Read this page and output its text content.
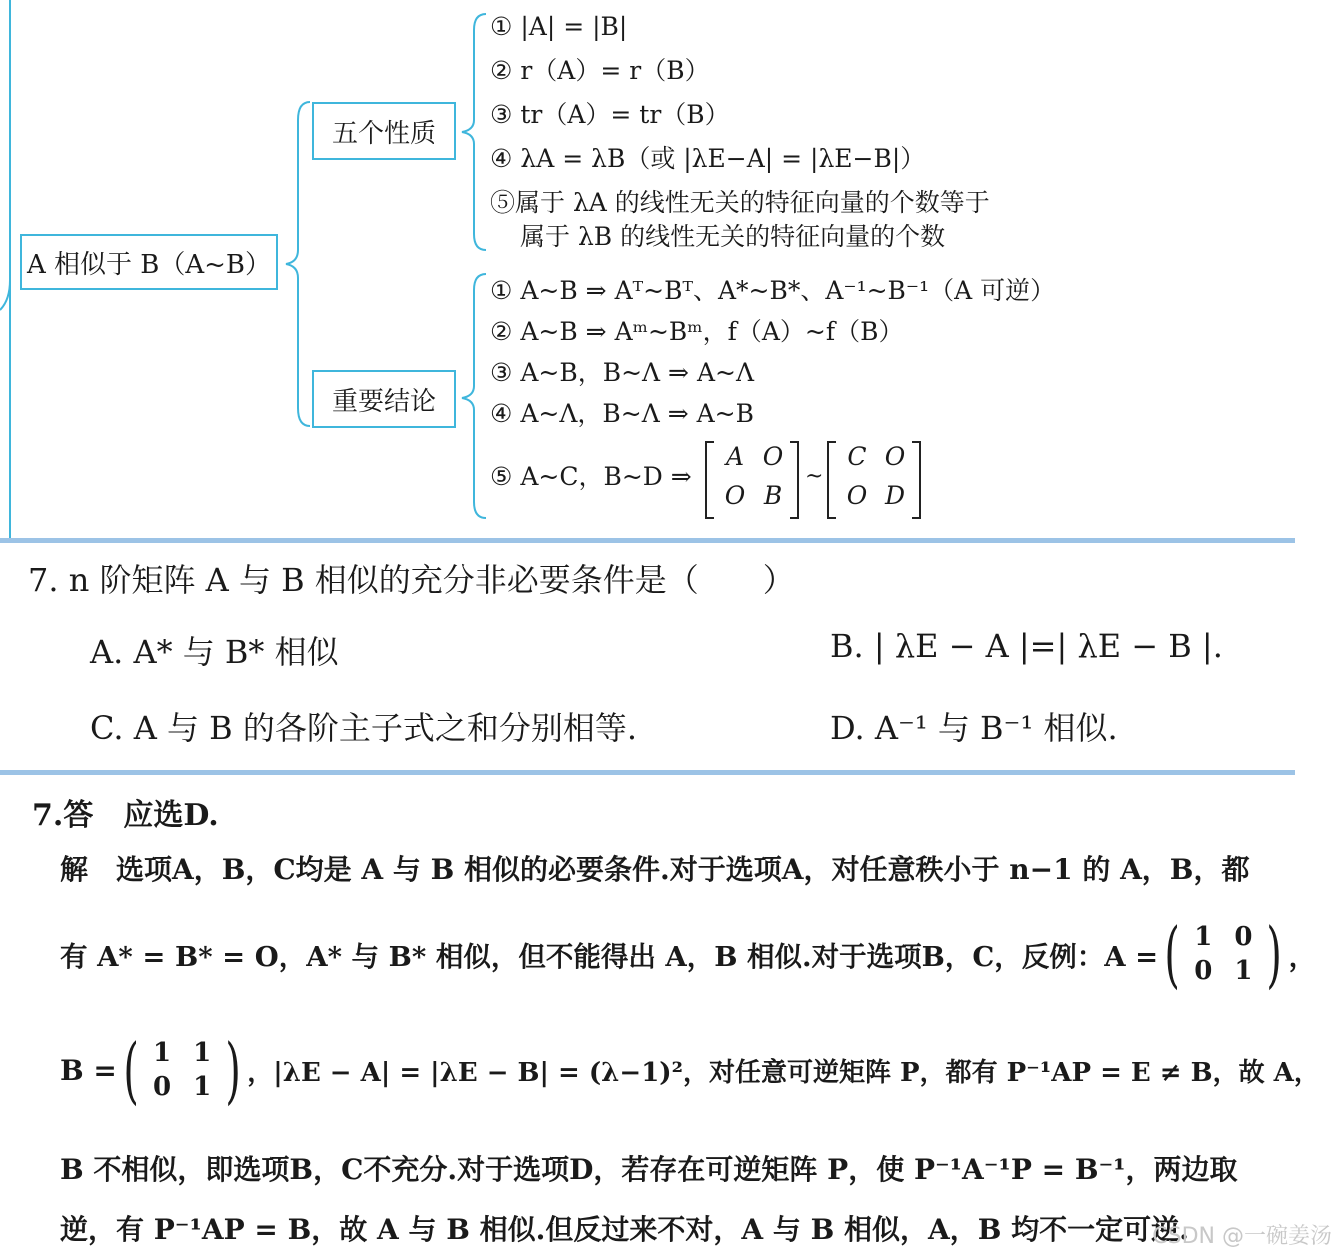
A 相似于 B（A~B）
五个性质
重要结论
① |A| = |B|
② r（A）= r（B）
③ tr（A）= tr（B）
④ λA = λB（或 |λE−A| = |λE−B|）
⑤属于 λA 的线性无关的特征向量的个数等于
属于 λB 的线性无关的特征向量的个数
① A~B ⇒ Aᵀ~Bᵀ、A*~B*、A⁻¹~B⁻¹（A 可逆）
② A~B ⇒ Aᵐ~Bᵐ，f（A）~f（B）
③ A~B，B~Λ ⇒ A~Λ
④ A~Λ，B~Λ ⇒ A~B
⑤ A~C，B~D ⇒
A O
O B
~
C O
O D
7. n 阶矩阵 A 与 B 相似的充分非必要条件是（　　）
A. A* 与 B* 相似	B. | λE − A |=| λE − B |.
C. A 与 B 的各阶主子式之和分别相等.	D. A⁻¹ 与 B⁻¹ 相似.
7.答　应选D.
解　选项A，B，C均是 A 与 B 相似的必要条件.对于选项A，对任意秩小于 n−1 的 A，B，都
有 A* = B* = O，A* 与 B* 相似，但不能得出 A，B 相似.对于选项B，C，反例：A = ( 1 0
0 1 ) ，
B = ( 1 1
0 1 ) ，|λE − A| = |λE − B| = (λ−1)²，对任意可逆矩阵 P，都有 P⁻¹AP = E ≠ B，故 A，
B 不相似，即选项B，C不充分.对于选项D，若存在可逆矩阵 P，使 P⁻¹A⁻¹P = B⁻¹，两边取
逆，有 P⁻¹AP = B，故 A 与 B 相似.但反过来不对，A 与 B 相似，A，B 均不一定可逆.
CSDN @一碗姜汤
